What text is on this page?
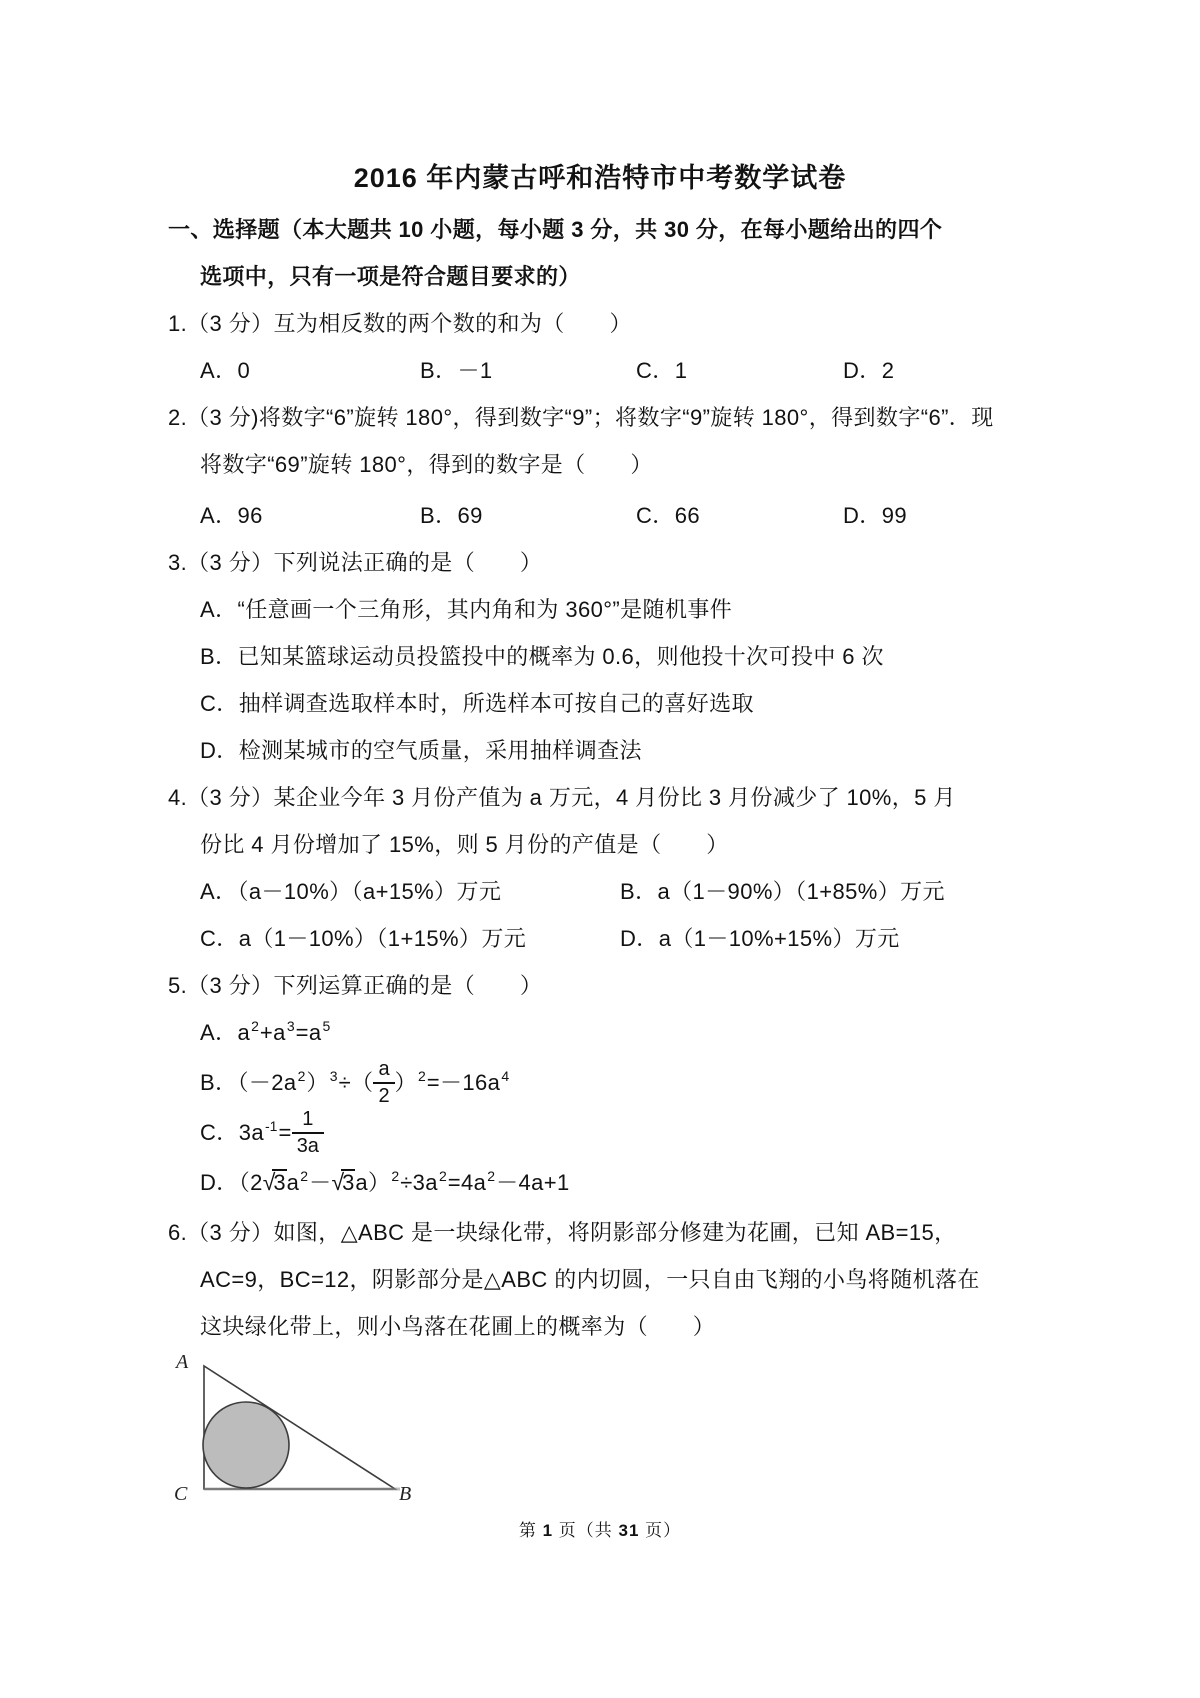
2016 年内蒙古呼和浩特市中考数学试卷
一、选择题（本大题共 10 小题，每小题 3 分，共 30 分，在每小题给出的四个
选项中，只有一项是符合题目要求的）
1.（3 分）互为相反数的两个数的和为（　　）
A．0	B．－1	C．1	D．2
2.（3 分)将数字“6”旋转 180°，得到数字“9”；将数字“9”旋转 180°，得到数字“6”．现
将数字“69”旋转 180°，得到的数字是（　　）
A．96	B．69	C．66	D．99
3.（3 分）下列说法正确的是（　　）
A．“任意画一个三角形，其内角和为 360°”是随机事件
B．已知某篮球运动员投篮投中的概率为 0.6，则他投十次可投中 6 次
C．抽样调查选取样本时，所选样本可按自己的喜好选取
D．检测某城市的空气质量，采用抽样调查法
4.（3 分）某企业今年 3 月份产值为 a 万元，4 月份比 3 月份减少了 10%，5 月
份比 4 月份增加了 15%，则 5 月份的产值是（　　）
A．（a－10%）（a+15%）万元	B．a（1－90%）（1+85%）万元
C．a（1－10%）（1+15%）万元	D．a（1－10%+15%）万元
5.（3 分）下列运算正确的是（　　）
A．$a^2+a^3=a^5$
B．$(-2a^2)^3\div( \frac{a}{2} )^2=-16a^4$
C．$3a^{-1}= \frac{1}{3a}$
D．$(2√3a^2-√3a)^2\div 3a^2=4a^2-4a+1$
6.（3 分）如图，△ABC 是一块绿化带，将阴影部分修建为花圃，已知 AB=15，
AC=9，BC=12，阴影部分是△ABC 的内切圆，一只自由飞翔的小鸟将随机落在
这块绿化带上，则小鸟落在花圃上的概率为（　　）
A
C	B
第 1 页（共 31 页）
